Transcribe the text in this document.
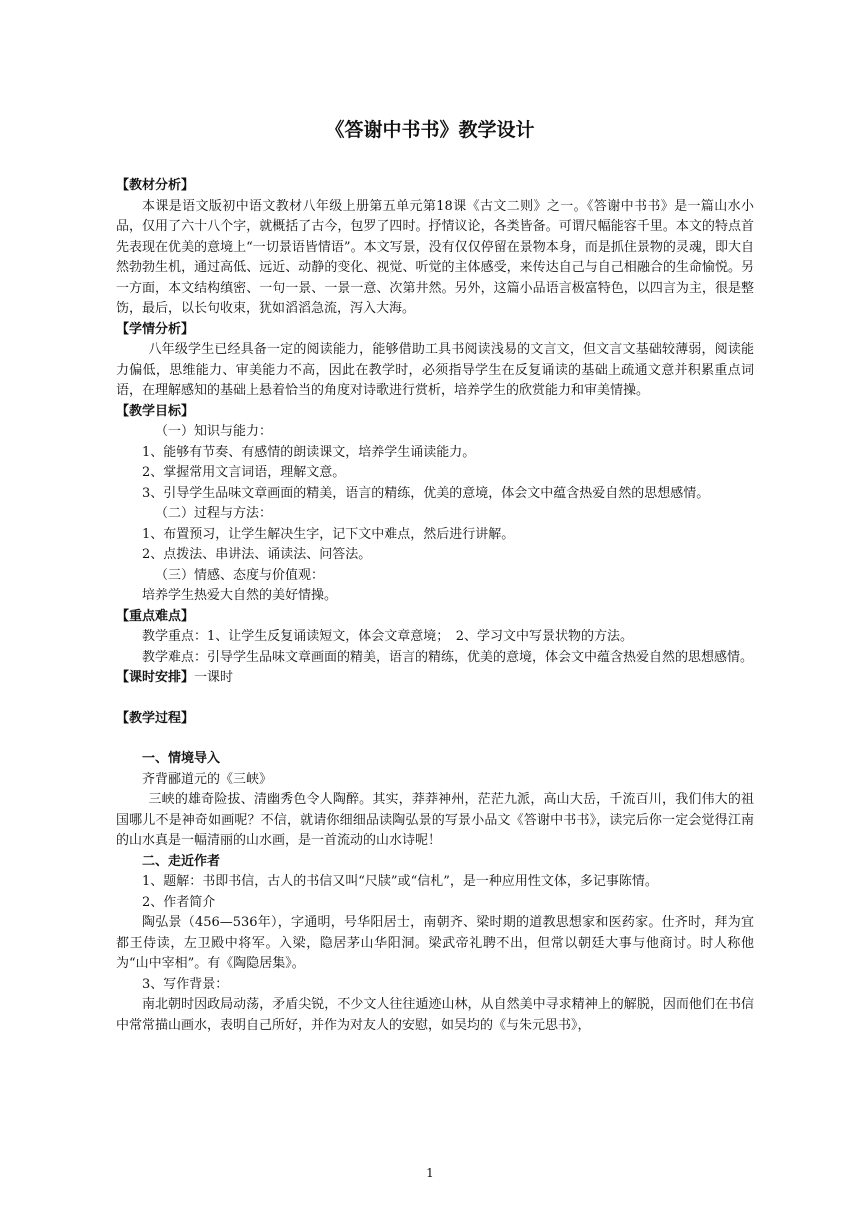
《答谢中书书》教学设计

【教材分析】

本课是语文版初中语文教材八年级上册第五单元第18课《古文二则》之一。《答谢中书书》是一篇山水小品，仅用了六十八个字，就概括了古今，包罗了四时。抒情议论，各类皆备。可谓尺幅能容千里。本文的特点首先表现在优美的意境上“一切景语皆情语”。本文写景，没有仅仅停留在景物本身，而是抓住景物的灵魂，即大自然勃勃生机，通过高低、远近、动静的变化、视觉、听觉的主体感受，来传达自己与自己相融合的生命愉悦。另一方面，本文结构缜密、一句一景、一景一意、次第井然。另外，这篇小品语言极富特色，以四言为主，很是整饬，最后，以长句收束，犹如滔滔急流，泻入大海。

【学情分析】

八年级学生已经具备一定的阅读能力，能够借助工具书阅读浅易的文言文，但文言文基础较薄弱，阅读能力偏低，思维能力、审美能力不高，因此在教学时，必须指导学生在反复诵读的基础上疏通文意并积累重点词语，在理解感知的基础上悬着恰当的角度对诗歌进行赏析，培养学生的欣赏能力和审美情操。

【教学目标】

（一）知识与能力：

1、能够有节奏、有感情的朗读课文，培养学生诵读能力。

2、掌握常用文言词语，理解文意。

3、引导学生品味文章画面的精美，语言的精练，优美的意境，体会文中蕴含热爱自然的思想感情。

（二）过程与方法：

1、布置预习，让学生解决生字，记下文中难点，然后进行讲解。

2、点拨法、串讲法、诵读法、问答法。

（三）情感、态度与价值观：

培养学生热爱大自然的美好情操。

【重点难点】

教学重点：1、让学生反复诵读短文，体会文章意境；　2、学习文中写景状物的方法。

教学难点：引导学生品味文章画面的精美，语言的精练，优美的意境，体会文中蕴含热爱自然的思想感情。

【课时安排】一课时

【教学过程】

一、情境导入

齐背郦道元的《三峡》

三峡的雄奇险拔、清幽秀色令人陶醉。其实，莽莽神州，茫茫九派，高山大岳，千流百川，我们伟大的祖国哪儿不是神奇如画呢？不信，就请你细细品读陶弘景的写景小品文《答谢中书书》，读完后你一定会觉得江南的山水真是一幅清丽的山水画，是一首流动的山水诗呢！

二、走近作者

1、题解：书即书信，古人的书信又叫“尺牍”或“信札”，是一种应用性文体，多记事陈情。

2、作者简介

陶弘景（456—536年），字通明，号华阳居士，南朝齐、梁时期的道教思想家和医药家。仕齐时，拜为宜都王侍读，左卫殿中将军。入梁，隐居茅山华阳洞。梁武帝礼聘不出，但常以朝廷大事与他商讨。时人称他为“山中宰相”。有《陶隐居集》。

3、写作背景：

南北朝时因政局动荡，矛盾尖锐，不少文人往往遁迹山林，从自然美中寻求精神上的解脱，因而他们在书信中常常描山画水，表明自己所好，并作为对友人的安慰，如吴均的《与朱元思书》，

1
